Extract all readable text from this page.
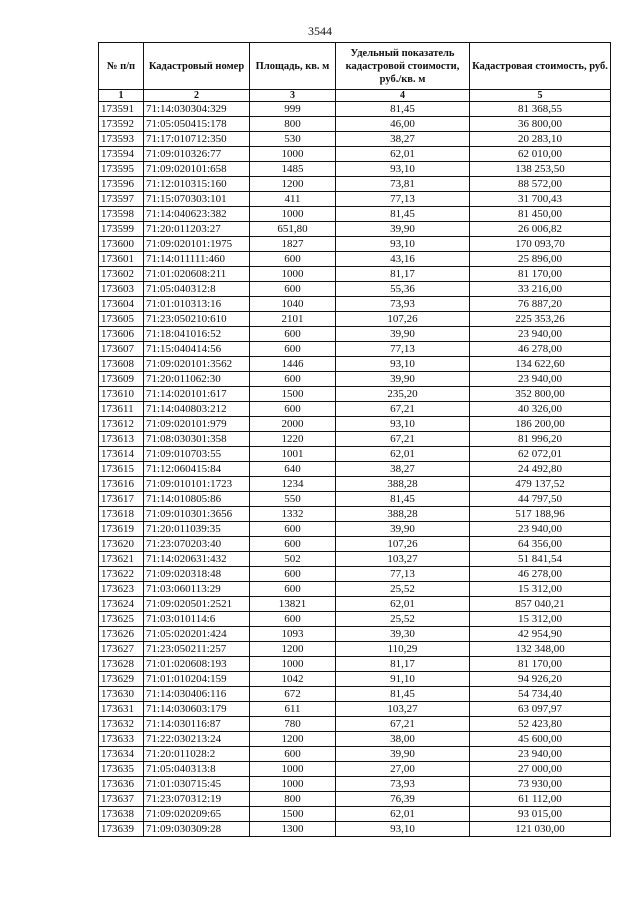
3544
№ п/п	Кадастровый номер	Площадь, кв. м	Удельный показатель кадастровой стоимости, руб./кв. м	Кадастровая стоимость, руб.
1	2	3	4	5
173591	71:14:030304:329	999	81,45	81 368,55
173592	71:05:050415:178	800	46,00	36 800,00
173593	71:17:010712:350	530	38,27	20 283,10
173594	71:09:010326:77	1000	62,01	62 010,00
173595	71:09:020101:658	1485	93,10	138 253,50
173596	71:12:010315:160	1200	73,81	88 572,00
173597	71:15:070303:101	411	77,13	31 700,43
173598	71:14:040623:382	1000	81,45	81 450,00
173599	71:20:011203:27	651,80	39,90	26 006,82
173600	71:09:020101:1975	1827	93,10	170 093,70
173601	71:14:011111:460	600	43,16	25 896,00
173602	71:01:020608:211	1000	81,17	81 170,00
173603	71:05:040312:8	600	55,36	33 216,00
173604	71:01:010313:16	1040	73,93	76 887,20
173605	71:23:050210:610	2101	107,26	225 353,26
173606	71:18:041016:52	600	39,90	23 940,00
173607	71:15:040414:56	600	77,13	46 278,00
173608	71:09:020101:3562	1446	93,10	134 622,60
173609	71:20:011062:30	600	39,90	23 940,00
173610	71:14:020101:617	1500	235,20	352 800,00
173611	71:14:040803:212	600	67,21	40 326,00
173612	71:09:020101:979	2000	93,10	186 200,00
173613	71:08:030301:358	1220	67,21	81 996,20
173614	71:09:010703:55	1001	62,01	62 072,01
173615	71:12:060415:84	640	38,27	24 492,80
173616	71:09:010101:1723	1234	388,28	479 137,52
173617	71:14:010805:86	550	81,45	44 797,50
173618	71:09:010301:3656	1332	388,28	517 188,96
173619	71:20:011039:35	600	39,90	23 940,00
173620	71:23:070203:40	600	107,26	64 356,00
173621	71:14:020631:432	502	103,27	51 841,54
173622	71:09:020318:48	600	77,13	46 278,00
173623	71:03:060113:29	600	25,52	15 312,00
173624	71:09:020501:2521	13821	62,01	857 040,21
173625	71:03:010114:6	600	25,52	15 312,00
173626	71:05:020201:424	1093	39,30	42 954,90
173627	71:23:050211:257	1200	110,29	132 348,00
173628	71:01:020608:193	1000	81,17	81 170,00
173629	71:01:010204:159	1042	91,10	94 926,20
173630	71:14:030406:116	672	81,45	54 734,40
173631	71:14:030603:179	611	103,27	63 097,97
173632	71:14:030116:87	780	67,21	52 423,80
173633	71:22:030213:24	1200	38,00	45 600,00
173634	71:20:011028:2	600	39,90	23 940,00
173635	71:05:040313:8	1000	27,00	27 000,00
173636	71:01:030715:45	1000	73,93	73 930,00
173637	71:23:070312:19	800	76,39	61 112,00
173638	71:09:020209:65	1500	62,01	93 015,00
173639	71:09:030309:28	1300	93,10	121 030,00
